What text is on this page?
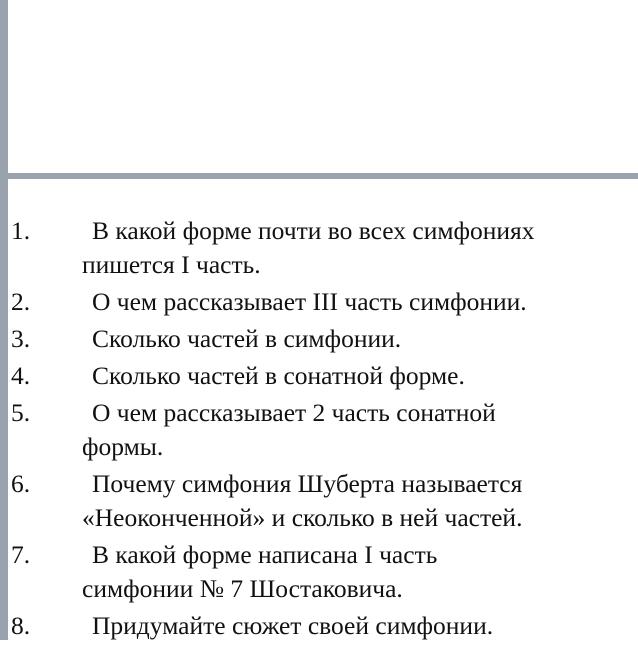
1.	В какой форме почти во всех симфониях
пишется I часть.
2.	О чем рассказывает III часть симфонии.
3.	Сколько частей в симфонии.
4.	Сколько частей в сонатной форме.
5.	О чем рассказывает 2 часть сонатной
формы.
6.	Почему симфония Шуберта называется
«Неоконченной» и сколько в ней частей.
7.	В какой форме написана I часть
симфонии № 7 Шостаковича.
8.	Придумайте сюжет своей симфонии.
